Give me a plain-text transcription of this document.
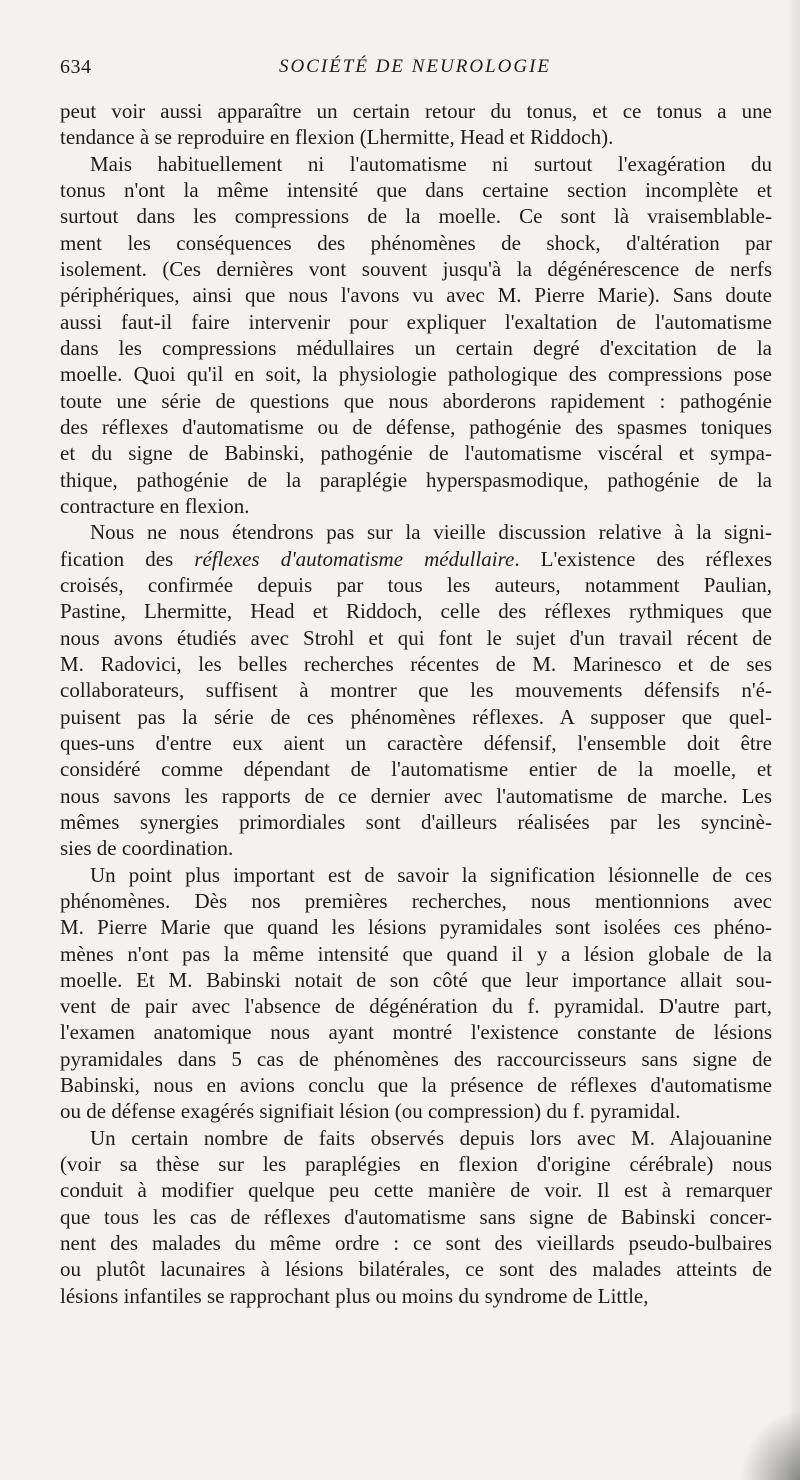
634	SOCIÉTÉ DE NEUROLOGIE
peut voir aussi apparaître un certain retour du tonus, et ce tonus a une
tendance à se reproduire en flexion (Lhermitte, Head et Riddoch).
Mais habituellement ni l'automatisme ni surtout l'exagération du
tonus n'ont la même intensité que dans certaine section incomplète et
surtout dans les compressions de la moelle. Ce sont là vraisemblable-
ment les conséquences des phénomènes de shock, d'altération par
isolement. (Ces dernières vont souvent jusqu'à la dégénérescence de nerfs
périphériques, ainsi que nous l'avons vu avec M. Pierre Marie). Sans doute
aussi faut-il faire intervenir pour expliquer l'exaltation de l'automatisme
dans les compressions médullaires un certain degré d'excitation de la
moelle. Quoi qu'il en soit, la physiologie pathologique des compressions pose
toute une série de questions que nous aborderons rapidement : pathogénie
des réflexes d'automatisme ou de défense, pathogénie des spasmes toniques
et du signe de Babinski, pathogénie de l'automatisme viscéral et sympa-
thique, pathogénie de la paraplégie hyperspasmodique, pathogénie de la
contracture en flexion.
Nous ne nous étendrons pas sur la vieille discussion relative à la signi-
fication des réflexes d'automatisme médullaire. L'existence des réflexes
croisés, confirmée depuis par tous les auteurs, notamment Paulian,
Pastine, Lhermitte, Head et Riddoch, celle des réflexes rythmiques que
nous avons étudiés avec Strohl et qui font le sujet d'un travail récent de
M. Radovici, les belles recherches récentes de M. Marinesco et de ses
collaborateurs, suffisent à montrer que les mouvements défensifs n'é-
puisent pas la série de ces phénomènes réflexes. A supposer que quel-
ques-uns d'entre eux aient un caractère défensif, l'ensemble doit être
considéré comme dépendant de l'automatisme entier de la moelle, et
nous savons les rapports de ce dernier avec l'automatisme de marche. Les
mêmes synergies primordiales sont d'ailleurs réalisées par les syncinè-
sies de coordination.
Un point plus important est de savoir la signification lésionnelle de ces
phénomènes. Dès nos premières recherches, nous mentionnions avec
M. Pierre Marie que quand les lésions pyramidales sont isolées ces phéno-
mènes n'ont pas la même intensité que quand il y a lésion globale de la
moelle. Et M. Babinski notait de son côté que leur importance allait sou-
vent de pair avec l'absence de dégénération du f. pyramidal. D'autre part,
l'examen anatomique nous ayant montré l'existence constante de lésions
pyramidales dans 5 cas de phénomènes des raccourcisseurs sans signe de
Babinski, nous en avions conclu que la présence de réflexes d'automatisme
ou de défense exagérés signifiait lésion (ou compression) du f. pyramidal.
Un certain nombre de faits observés depuis lors avec M. Alajouanine
(voir sa thèse sur les paraplégies en flexion d'origine cérébrale) nous
conduit à modifier quelque peu cette manière de voir. Il est à remarquer
que tous les cas de réflexes d'automatisme sans signe de Babinski concer-
nent des malades du même ordre : ce sont des vieillards pseudo-bulbaires
ou plutôt lacunaires à lésions bilatérales, ce sont des malades atteints de
lésions infantiles se rapprochant plus ou moins du syndrome de Little,
